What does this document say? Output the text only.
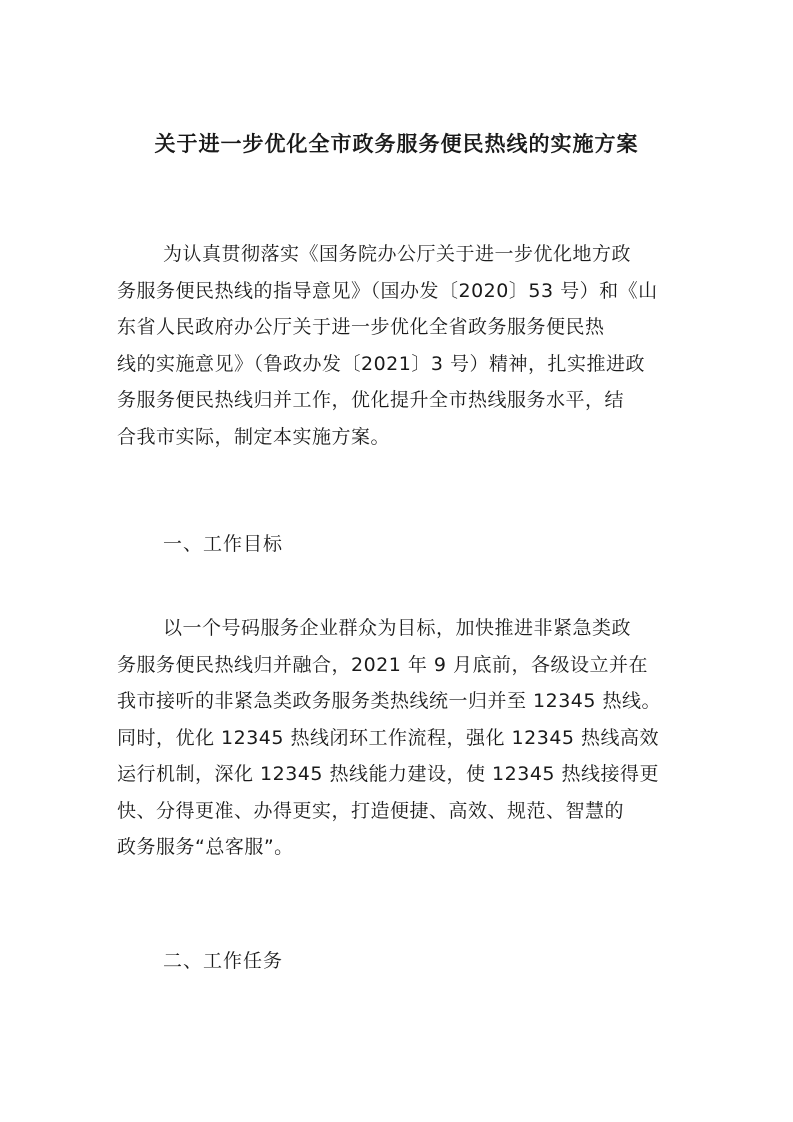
关于进一步优化全市政务服务便民热线的实施方案
为认真贯彻落实《国务院办公厅关于进一步优化地方政
务服务便民热线的指导意见》（国办发〔2020〕53 号）和《山
东省人民政府办公厅关于进一步优化全省政务服务便民热
线的实施意见》（鲁政办发〔2021〕3 号）精神，扎实推进政
务服务便民热线归并工作，优化提升全市热线服务水平，结
合我市实际，制定本实施方案。
一、工作目标
以一个号码服务企业群众为目标，加快推进非紧急类政
务服务便民热线归并融合，2021 年 9 月底前，各级设立并在
我市接听的非紧急类政务服务类热线统一归并至 12345 热线。
同时，优化 12345 热线闭环工作流程，强化 12345 热线高效
运行机制，深化 12345 热线能力建设，使 12345 热线接得更
快、分得更准、办得更实，打造便捷、高效、规范、智慧的
政务服务“总客服”。
二、工作任务
